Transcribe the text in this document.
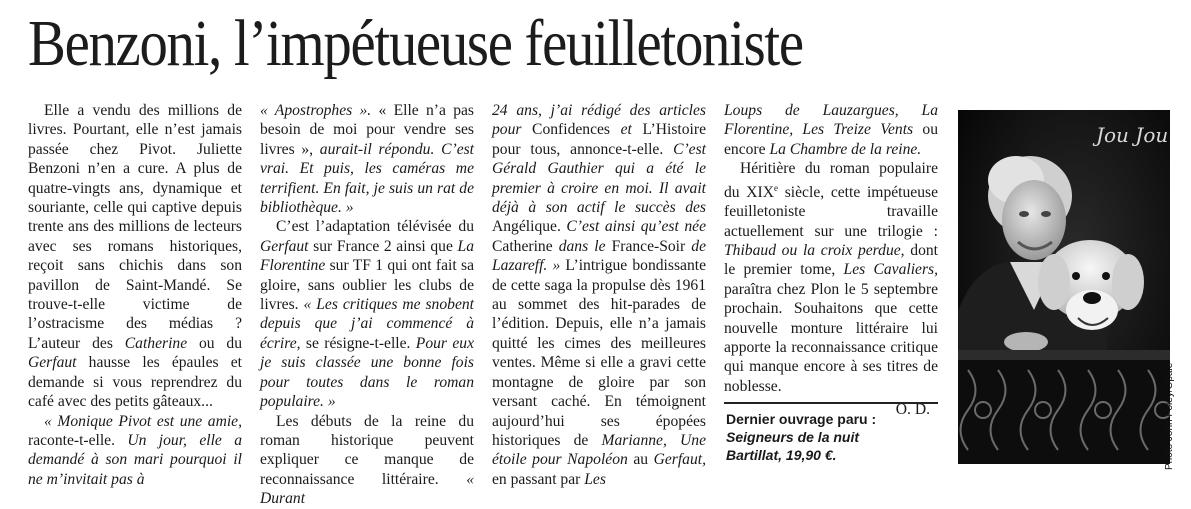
Benzoni, l’impétueuse feuilletoniste

Elle a vendu des millions de livres. Pourtant, elle n’est jamais passée chez Pivot. Juliette Benzoni n’en a cure. A plus de quatre-vingts ans, dynamique et souriante, celle qui captive depuis trente ans des millions de lecteurs avec ses romans historiques, reçoit sans chichis dans son pavillon de Saint-Mandé. Se trouve-t-elle victime de l’ostracisme des médias ? L’auteur des Catherine ou du Gerfaut hausse les épaules et demande si vous reprendrez du café avec des petits gâteaux...

« Monique Pivot est une amie, raconte-t-elle. Un jour, elle a demandé à son mari pourquoi il ne m’invitait pas à

« Apostrophes ». « Elle n’a pas besoin de moi pour vendre ses livres », aurait-il répondu. C’est vrai. Et puis, les caméras me terrifient. En fait, je suis un rat de bibliothèque. »

C’est l’adaptation télévisée du Gerfaut sur France 2 ainsi que La Florentine sur TF 1 qui ont fait sa gloire, sans oublier les clubs de livres. « Les critiques me snobent depuis que j’ai commencé à écrire, se résigne-t-elle. Pour eux je suis classée une bonne fois pour toutes dans le roman populaire. »

Les débuts de la reine du roman historique peuvent expliquer ce manque de reconnaissance littéraire. « Durant

24 ans, j’ai rédigé des articles pour Confidences et L’Histoire pour tous, annonce-t-elle. C’est Gérald Gauthier qui a été le premier à croire en moi. Il avait déjà à son actif le succès des Angélique. C’est ainsi qu’est née Catherine dans le France-Soir de Lazareff. » L’intrigue bondissante de cette saga la propulse dès 1961 au sommet des hit-parades de l’édition. Depuis, elle n’a jamais quitté les cimes des meilleures ventes. Même si elle a gravi cette montagne de gloire par son versant caché. En témoignent aujourd’hui ses épopées historiques de Marianne, Une étoile pour Napoléon au Gerfaut, en passant par Les

Loups de Lauzargues, La Florentine, Les Treize Vents ou encore La Chambre de la reine.

Héritière du roman populaire du XIXe siècle, cette impétueuse feuilletoniste travaille actuellement sur une trilogie : Thibaud ou la croix perdue, dont le premier tome, Les Cavaliers, paraîtra chez Plon le 5 septembre prochain. Souhaitons que cette nouvelle monture littéraire lui apporte la reconnaissance critique qui manque encore à ses titres de noblesse.

O. D.
Dernier ouvrage paru :
Seigneurs de la nuit
Bartillat, 19,90 €.
Jou Jou
Photo John Foley/Opale
